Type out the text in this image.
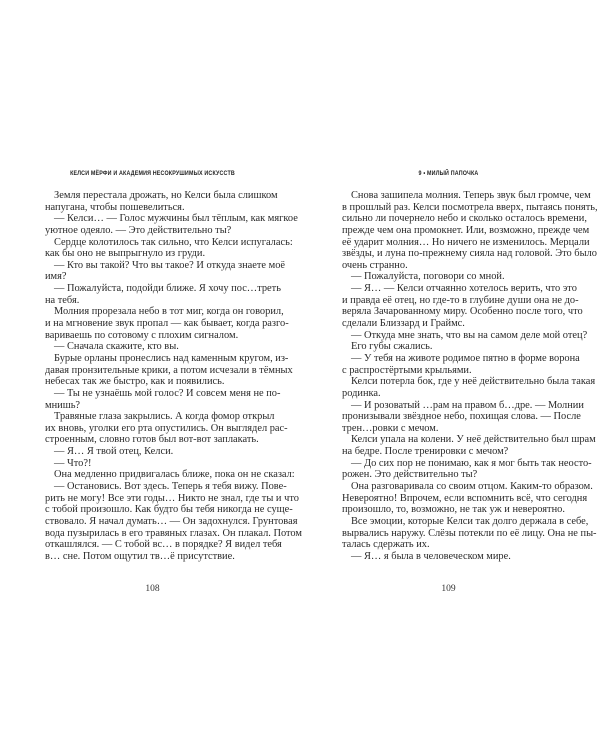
КЕЛСИ МЁРФИ И АКАДЕМИЯ НЕСОКРУШИМЫХ ИСКУССТВ
Земля перестала дрожать, но Келси была слишком
напугана, чтобы пошевелиться.
— Келси… — Голос мужчины был тёплым, как мягкое
уютное одеяло. — Это действительно ты?
Сердце колотилось так сильно, что Келси испугалась:
как бы оно не выпрыгнуло из груди.
— Кто вы такой? Что вы такое? И откуда знаете моё
имя?
— Пожалуйста, подойди ближе. Я хочу пос…треть
на тебя.
Молния прорезала небо в тот миг, когда он говорил,
и на мгновение звук пропал — как бывает, когда разго-
вариваешь по сотовому с плохим сигналом.
— Сначала скажите, кто вы.
Бурые орланы пронеслись над каменным кругом, из-
давая пронзительные крики, а потом исчезали в тёмных
небесах так же быстро, как и появились.
— Ты не узнаёшь мой голос? И совсем меня не по-
мнишь?
Травяные глаза закрылись. А когда фомор открыл
их вновь, уголки его рта опустились. Он выглядел рас-
строенным, словно готов был вот-вот заплакать.
— Я… Я твой отец, Келси.
— Что?!
Она медленно придвигалась ближе, пока он не сказал:
— Остановись. Вот здесь. Теперь я тебя вижу. Пове-
рить не могу! Все эти годы… Никто не знал, где ты и что
с тобой произошло. Как будто бы тебя никогда не суще-
ствовало. Я начал думать… — Он задохнулся. Грунтовая
вода пузырилась в его травяных глазах. Он плакал. Потом
откашлялся. — С тобой вс… в порядке? Я видел тебя
в… сне. Потом ощутил тв…ё присутствие.
108
9 • МИЛЫЙ ПАПОЧКА
Снова зашипела молния. Теперь звук был громче, чем
в прошлый раз. Келси посмотрела вверх, пытаясь понять,
сильно ли почернело небо и сколько осталось времени,
прежде чем она промокнет. Или, возможно, прежде чем
её ударит молния… Но ничего не изменилось. Мерцали
звёзды, и луна по-прежнему сияла над головой. Это было
очень странно.
— Пожалуйста, поговори со мной.
— Я… — Келси отчаянно хотелось верить, что это
и правда её отец, но где-то в глубине души она не до-
веряла Зачарованному миру. Особенно после того, что
сделали Близзард и Граймс.
— Откуда мне знать, что вы на самом деле мой отец?
Его губы сжались.
— У тебя на животе родимое пятно в форме ворона
с распростёртыми крыльями.
Келси потерла бок, где у неё действительно была такая
родинка.
— И розоватый …рам на правом б…дре. — Молнии
пронизывали звёздное небо, похищая слова. — После
трен…ровки с мечом.
Келси упала на колени. У неё действительно был шрам
на бедре. После тренировки с мечом?
— До сих пор не понимаю, как я мог быть так неосто-
рожен. Это действительно ты?
Она разговаривала со своим отцом. Каким-то образом.
Невероятно! Впрочем, если вспомнить всё, что сегодня
произошло, то, возможно, не так уж и невероятно.
Все эмоции, которые Келси так долго держала в себе,
вырвались наружу. Слёзы потекли по её лицу. Она не пы-
талась сдержать их.
— Я… я была в человеческом мире.
109
